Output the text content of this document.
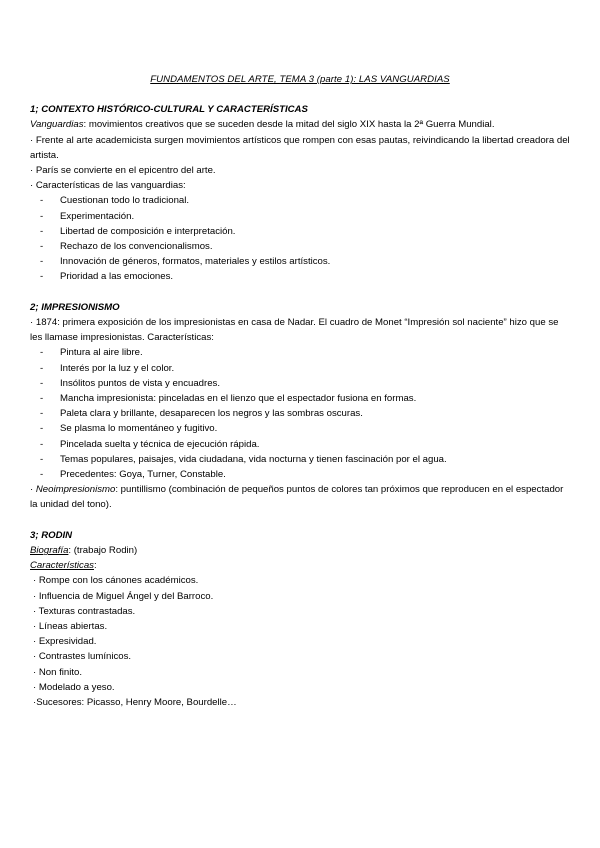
FUNDAMENTOS DEL ARTE, TEMA 3 (parte 1): LAS VANGUARDIAS

1; CONTEXTO HISTÓRICO-CULTURAL Y CARACTERÍSTICAS

Vanguardias: movimientos creativos que se suceden desde la mitad del siglo XIX hasta la 2ª Guerra Mundial.

· Frente al arte academicista surgen movimientos artísticos que rompen con esas pautas, reivindicando la libertad creadora del artista.

· París se convierte en el epicentro del arte.

· Características de las vanguardias:

- Cuestionan todo lo tradicional.
- Experimentación.
- Libertad de composición e interpretación.
- Rechazo de los convencionalismos.
- Innovación de géneros, formatos, materiales y estilos artísticos.
- Prioridad a las emociones.

2; IMPRESIONISMO

· 1874: primera exposición de los impresionistas en casa de Nadar. El cuadro de Monet “Impresión sol naciente” hizo que se les llamase impresionistas. Características:

- Pintura al aire libre.
- Interés por la luz y el color.
- Insólitos puntos de vista y encuadres.
- Mancha impresionista: pinceladas en el lienzo que el espectador fusiona en formas.
- Paleta clara y brillante, desaparecen los negros y las sombras oscuras.
- Se plasma lo momentáneo y fugitivo.
- Pincelada suelta y técnica de ejecución rápida.
- Temas populares, paisajes, vida ciudadana, vida nocturna y tienen fascinación por el agua.
- Precedentes: Goya, Turner, Constable.

· Neoimpresionismo: puntillismo (combinación de pequeños puntos de colores tan próximos que reproducen en el espectador la unidad del tono).

3; RODIN

Biografía: (trabajo Rodin)

Características:

· Rompe con los cánones académicos.
· Influencia de Miguel Ángel y del Barroco.
· Texturas contrastadas.
· Líneas abiertas.
· Expresividad.
· Contrastes lumínicos.
· Non finito.
· Modelado a yeso.
·Sucesores: Picasso, Henry Moore, Bourdelle…
